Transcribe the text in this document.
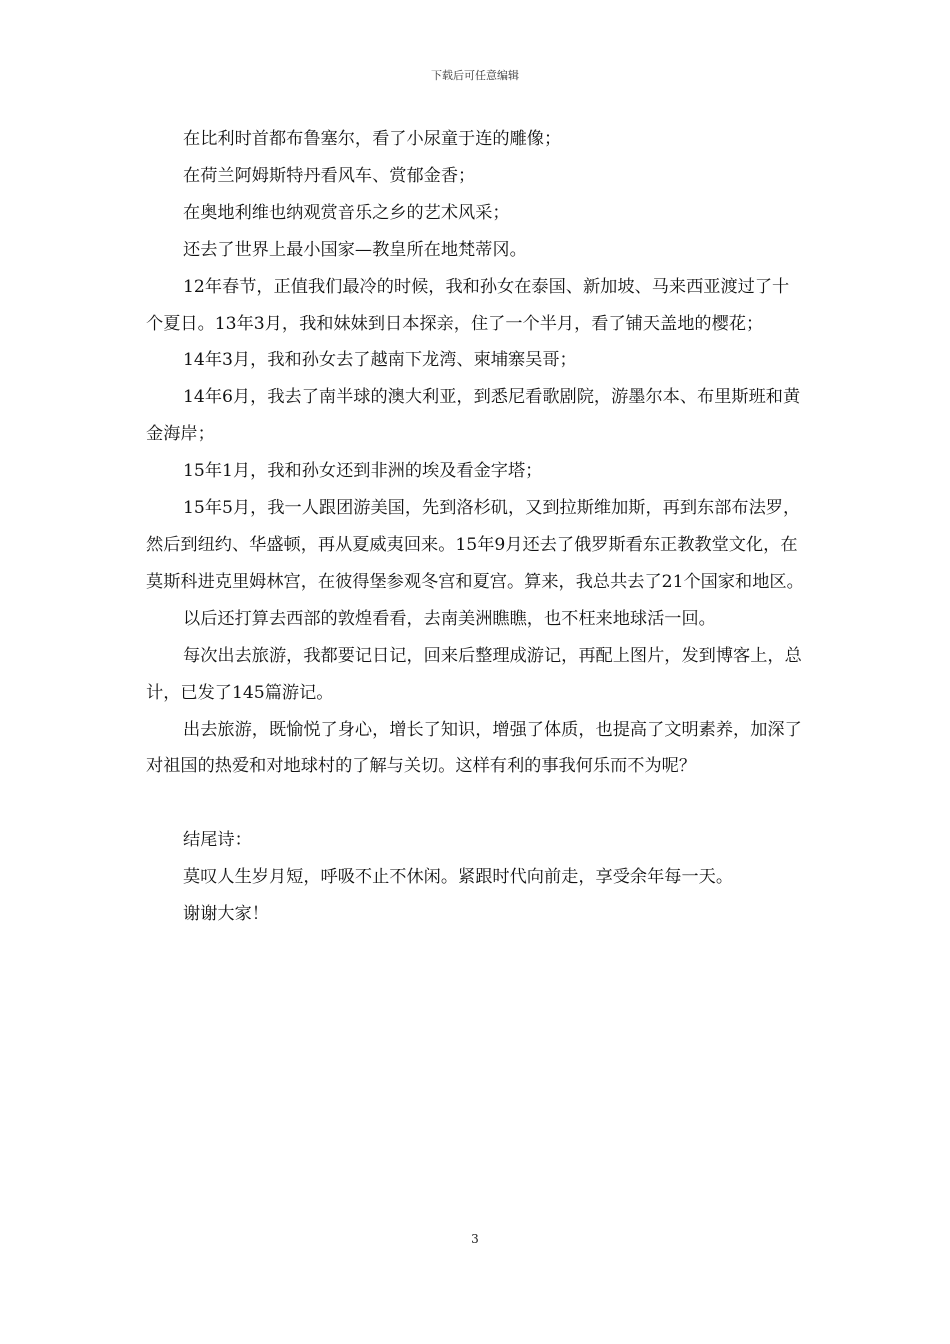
下载后可任意编辑

在比利时首都布鲁塞尔，看了小尿童于连的雕像；

在荷兰阿姆斯特丹看风车、赏郁金香；

在奥地利维也纳观赏音乐之乡的艺术风采；

还去了世界上最小国家—教皇所在地梵蒂冈。

12年春节，正值我们最冷的时候，我和孙女在泰国、新加坡、马来西亚渡过了十个夏日。13年3月，我和妹妹到日本探亲，住了一个半月，看了铺天盖地的樱花；

14年3月，我和孙女去了越南下龙湾、柬埔寨吴哥；

14年6月，我去了南半球的澳大利亚，到悉尼看歌剧院，游墨尔本、布里斯班和黄金海岸；

15年1月，我和孙女还到非洲的埃及看金字塔；

15年5月，我一人跟团游美国，先到洛杉矶，又到拉斯维加斯，再到东部布法罗，然后到纽约、华盛顿，再从夏威夷回来。15年9月还去了俄罗斯看东正教教堂文化，在莫斯科进克里姆林宫，在彼得堡参观冬宫和夏宫。算来，我总共去了21个国家和地区。

以后还打算去西部的敦煌看看，去南美洲瞧瞧，也不枉来地球活一回。

每次出去旅游，我都要记日记，回来后整理成游记，再配上图片，发到博客上，总计，已发了145篇游记。

出去旅游，既愉悦了身心，增长了知识，增强了体质，也提高了文明素养，加深了对祖国的热爱和对地球村的了解与关切。这样有利的事我何乐而不为呢？

结尾诗：

莫叹人生岁月短，呼吸不止不休闲。紧跟时代向前走，享受余年每一天。

谢谢大家！

3
